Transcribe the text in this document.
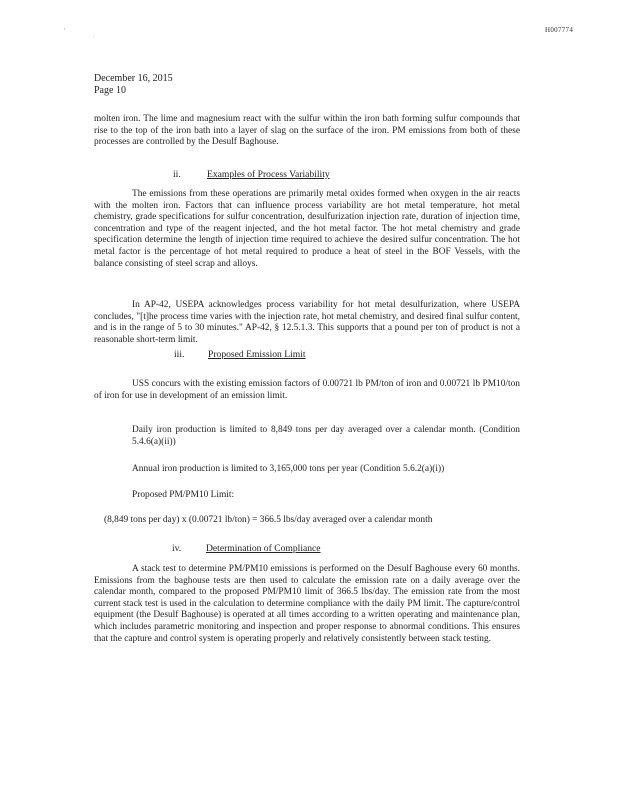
'
.
H007774
December 16, 2015
Page 10

molten iron. The lime and magnesium react with the sulfur within the iron bath forming sulfur compounds that rise to the top of the iron bath into a layer of slag on the surface of the iron. PM emissions from both of these processes are controlled by the Desulf Baghouse.

ii.	Examples of Process Variability

The emissions from these operations are primarily metal oxides formed when oxygen in the air reacts with the molten iron. Factors that can influence process variability are hot metal temperature, hot metal chemistry, grade specifications for sulfur concentration, desulfurization injection rate, duration of injection time, concentration and type of the reagent injected, and the hot metal factor. The hot metal chemistry and grade specification determine the length of injection time required to achieve the desired sulfur concentration. The hot metal factor is the percentage of hot metal required to produce a heat of steel in the BOF Vessels, with the balance consisting of steel scrap and alloys.

In AP-42, USEPA acknowledges process variability for hot metal desulfurization, where USEPA concludes, "[t]he process time varies with the injection rate, hot metal chemistry, and desired final sulfur content, and is in the range of 5 to 30 minutes." AP-42, § 12.5.1.3. This supports that a pound per ton of product is not a reasonable short-term limit.

iii. Proposed Emission Limit

USS concurs with the existing emission factors of 0.00721 lb PM/ton of iron and 0.00721 lb PM10/ton of iron for use in development of an emission limit.

Daily iron production is limited to 8,849 tons per day averaged over a calendar month. (Condition 5.4.6(a)(ii))

Annual iron production is limited to 3,165,000 tons per year (Condition 5.6.2(a)(i))

Proposed PM/PM10 Limit:

(8,849 tons per day) x (0.00721 lb/ton) = 366.5 lbs/day averaged over a calendar month
iv.	Determination of Compliance

A stack test to determine PM/PM10 emissions is performed on the Desulf Baghouse every 60 months. Emissions from the baghouse tests are then used to calculate the emission rate on a daily average over the calendar month, compared to the proposed PM/PM10 limit of 366.5 lbs/day. The emission rate from the most current stack test is used in the calculation to determine compliance with the daily PM limit. The capture/control equipment (the Desulf Baghouse) is operated at all times according to a written operating and maintenance plan, which includes parametric monitoring and inspection and proper response to abnormal conditions. This ensures that the capture and control system is operating properly and relatively consistently between stack testing.
